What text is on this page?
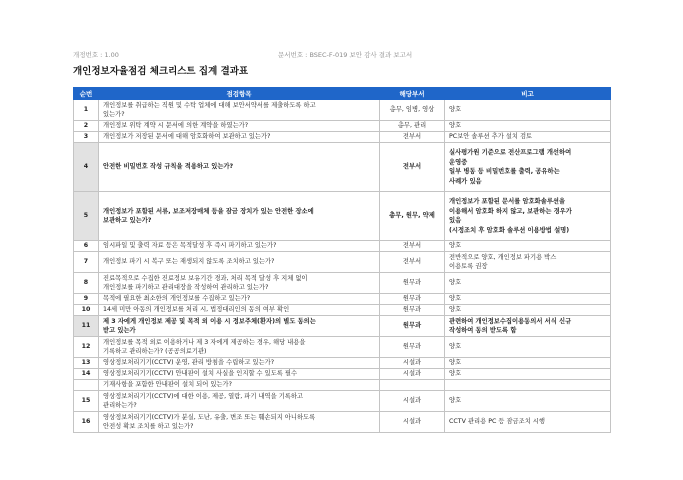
개정번호 : 1.00	문서번호 : BSEC-F-019 보안 감사 결과 보고서
개인정보자율점검 체크리스트 집계 결과표
순번	점검항목	해당부서	비고

1	개인정보를 취급하는 직원 및 수탁 업체에 대해 보안서약서를 제출하도록 하고
있는가?	총무, 임병, 영상	양호

2	개인정보 위탁 계약 시 문서에 의한 계약을 하였는가?	총무, 관리	양호

3	개인정보가 저장된 문서에 대해 암호화하여 보관하고 있는가?	전부서	PC보안 솔루션 추가 설치 검토

4	안전한 비밀번호 작성 규칙을 적용하고 있는가?	전부서	실사평가원 기준으로 전산프로그램 개선하여
운영중
일부 병동 등 비밀번호를 출력, 공유하는
사례가 있음

5	개인정보가 포함된 서류, 보조저장매체 등을 잠금 장치가 있는 안전한 장소에
보관하고 있는가?	총무, 원무, 약제	개인정보가 포함된 문서를 암호화솔루션을
이용해서 암호화 하지 않고, 보관하는 경우가
있음
(시정조치 후 암호화 솔루션 이용방법 설명)

6	임시파일 및 출력 자료 등은 목적달성 후 즉시 파기하고 있는가?	전부서	양호

7	개인정보 파기 시 복구 또는 재생되지 않도록 조치하고 있는가?	전부서	전반적으로 양호, 개인정보 파기용 박스
이용토록 권장

8	진료목적으로 수집한 진료정보 보유기간 경과, 처리 목적 달성 후 지체 없이
개인정보를 파기하고 관리대장을 작성하여 관리하고 있는가?	원무과	양호

9	목적에 필요한 최소한의 개인정보를 수집하고 있는가?	원무과	양호

10	14세 미만 아동의 개인정보를 처리 시, 법정대리인의 동의 여부 확인	원무과	양호

11	제 3 자에게 개인정보 제공 및 목적 외 이용 시 정보주체(환자)의 별도 동의는
받고 있는가	원무과	관련하여 개인정보수집이용동의서 서식 신규
작성하여 동의 받도록 함

12	개인정보를 목적 외로 이용하거나 제 3 자에게 제공하는 경우, 해당 내용을
기록하고 관리하는가? (공공의료기관)	원무과	양호

13	영상정보처리기기(CCTV) 운영, 관리 방침을 수립하고 있는가?	시설과	양호

14	영상정보처리기기(CCTV) 안내판이 설치 사실을 인지할 수 있도록 필수	시설과	양호

	기재사항을 포함한 안내판이 설치 되어 있는가?		

15	영상정보처리기기(CCTV)에 대한 이용, 제공, 열람, 파기 내역을 기록하고
관리하는가?	시설과	양호

16	영상정보처리기기(CCTV)가 분실, 도난, 유출, 변조 또는 훼손되지 아니하도록
안전성 확보 조치를 하고 있는가?	시설과	CCTV 관리용 PC 등 잠금조치 시행
